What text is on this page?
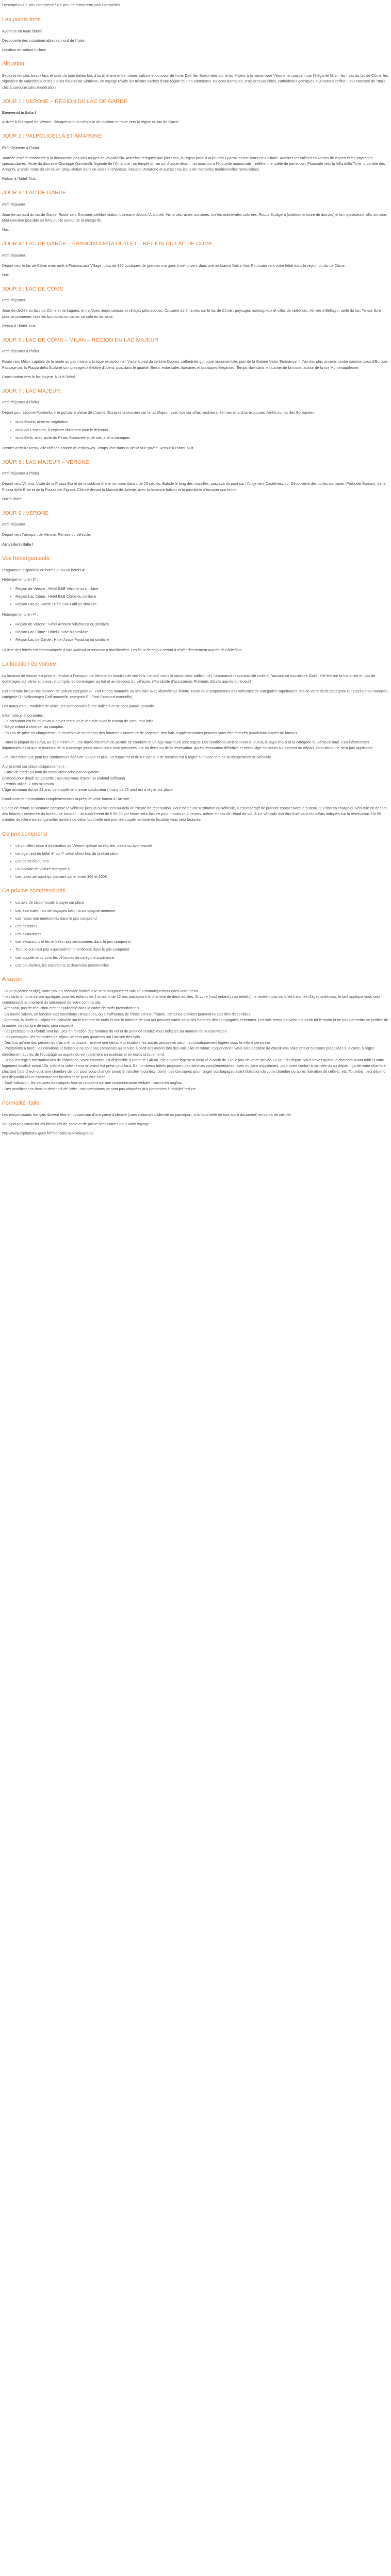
Description Ce prix comprend / Ce prix ne comprend pas Formalités
Les points forts

Aventure en toute liberté

Découverte des incontournables du nord de l'Italie

Location de voiture incluse

Situation

Explorez les plus beaux lacs et cités du nord italien lors d'un itinéraire entre nature, culture et douceur de vivre. Des îles Borromées sur le lac Majeur à la romantique Vérone, en passant par l'élégante Milan, les rives du lac de Côme, les vignobles de Valpolicella et les ruelles fleuries de Sirmione, ce voyage révèle les trésors cachés d'une région tout en contrastes. Palaces baroques, croisières paisibles, cathédrales gothiques et Amarone raffiné : un concentré de l'Italie chic à savourer sans modération.

JOUR 1 : VERONE – RÉGION DU LAC DE GARDE

Bienvenid in Italia !

Arrivée à l'aéroport de Vérone. Récupération du véhicule de location et route vers la région du lac de Garde.

JOUR 2 : VALPOLICELLA ET AMARONE

Petit-déjeuner à l'hôtel.

Journée entière consacrée à la découverte des vins rouges de Valpolicella. Autrefois réléguée aux pizzerias, la région produit aujourd'hui parmi les meilleurs crus d'Italie. Admirez les vallées couvertes de vignes et les paysages spectaculaires. Visite du domaine Giuseppe Quintarelli, légende de l'Amarone : un temple du vin où chaque détail – du bouchon à l'étiquette manuscrite – reflète une quête de perfection. Poursuite vers la Villa della Torre, propriété des Allegrini, grands noms du vin italien. Dégustation dans ce cadre enchanteur, incluant l'Amarone et autres crus issus de méthodes traditionnelles renouvelées.

Retour à l'hôtel. Nuit.

JOUR 3 : LAC DE GARDE

Petit-déjeuner.

Journée au bord du lac de Garde. Route vers Sirmione, célèbre station balnéaire depuis l'Antiquité. Visite des ruines romaines, ruelles médiévales colorées, Rocca Scaligera (château entouré de douves) et la majestueuse villa romaine. Mini-croisière possible en ferry public autour de la presqu'île.

Nuit.

JOUR 4 : LAC DE GARDE – FRANCIACORTA OUTLET – RÉGION DU LAC DE CÔME

Petit-déjeuner.

Départ vers le lac de Côme avec arrêt à Franciacorta Village : plus de 190 boutiques de grandes marques à ciel ouvert, dans une ambiance Dolce Vita. Poursuite vers votre hôtel dans la région du lac de Côme.

Nuit.

JOUR 5 : LAC DE CÔME

Petit-déjeuner.

Journée dédiée au lacs de Côme et de Lugano, entre Alpes majestueuses et villages pittoresques. Croisière de 2 heures sur le lac de Côme : paysages montagneux et villas de célébrités. Arrivée à Bellagio, perle du lac. Temps libre pour se promener, faire les boutiques ou siroter un café en terrasse.

Retour à l'hôtel. Nuit.

JOUR 6 : LAC DE CÔME – MILAN – RÉGION DU LAC MAJEUR

Petit-déjeuner à l'hôtel.

Route vers Milan, capitale de la mode au patrimoine artistique exceptionnel. Visite à pied du célèbre Duomo, cathédrale gothique monumentale, puis de la Galerie Victor Emmanuel II, l'un des plus anciens centre commerciaux d'Europe. Passage par la Piazza della Scala et son prestigieux théâtre d'opéra, puis dans le quartier Brera, entre cafés littéraires et boutiques élégantes. Temps libre dans le quartier de la mode, autour de la rue Montenapoleone.

Continuation vers le lac Majeur. Nuit à l'hôtel.

JOUR 7 : LAC MAJEUR

Petit-déjeuner à l'hôtel.

Départ pour Léonne-Pombello, ville portuaire pleine de charme. Essayez la croisière sur le lac Majeur, avec vue sur villas méditerranéennes et jardins exotiques. Arrêts sur les îles Borromées :

• Isola Madre, riche en végétation
• Isola dei Pescatori, à explorer librement pour le déjeuner
• Isola Bella, avec visite du Palais Borromée et de ses jardins baroques

Dernier arrêt à Stresa, ville raffinée adorée d'Hemingway. Temps libre dans la vieille ville pavée. Retour à l'hôtel. Nuit.

JOUR 8 : LAC MAJEUR – VÉRONE

Petit-déjeuner à l'hôtel.

Départ vers Verona. Visite de la Piazza Bra et de la sublime Arène romaine, datant de 20 siècles. Balade le long des murailles, passage du pont sur l'Adige vers Castelvecchio. Découverte des portes romaines (Porta dei Borsari), de la Piazza delle Erbe et de la Piazza dei Signori. Clôture devant la Maison de Juliette, avec la fameuse balcon et la possibilité d'envoyer une lettre.

Nuit à l'hôtel.

JOUR 9 : VÉRONE

Petit-déjeuner.

Départ vers l'aéroport de Vérone. Remise du véhicule.

Arrivederci Italia !

Vos hébergements

Programme disponible en hotels 3* ou en hôtels 4* :

Hébergements en 3* :

• Région de Vérone : Hôtel B&B Vérone ou similaire
• Région Lac Côme : Hôtel B&B Côme ou similaire
• Région Lac de Garde : Hôtel B&B Alfi ou similaire

Hébergements en 4* :

• Région de Vérone : Hôtel Ambere Villafranca ou similaire
• Région Lac Côme : Hôtel Cruise ou similaire
• Région Lac de Garde : Hôtel Active Paradiso ou similaire

La liste des hôtels est communiquée à titre indicatif et soumise à modification. Les lieux de séjour seront à régler directement auprès des hôteliers.

La location de voiture

La location de voiture est prise et rendue à l'aéroport de Vérone en fonction de vos vols. Le tarif inclus le conducteur additionnel, l'assurance responsabilité civile et l'assurance couverture Gold : elle élimine la franchise en cas de dommages sur vitres et pneus, y compris les dommages au toit et au-dessous du véhicule. (Possibilité d'assurances Platinum, détails auprès du loueur)

Cet itinéraire inclus une location de voiture catégorie B : Fiat Panda manuelle ou similaire avec kilométrage illimité. Nous vous proposerons des véhicules de catégories supérieures lors de votre devis (catégorie C : Opel Corsa manuelle, catégorie D : Volkswagen Golf manuelle, catégorie E : Ford Ecosport manuelle).

Les marques ou modèles de véhicules sont donnés à titre indicatif et ne sont jamais garantis.

Informations importantes :
- Le carburant est fourni et vous devez restituer le véhicule avec le niveau de carburant initial.
- Siège enfant à réserver au comptoir.
- En cas de prise en charge/restitue du véhicule en dehors des horaires d'ouverture de l'agence, des frais supplémentaires peuvent vous être facturés (conditions auprès du loueur).

- Dans la plupart des pays, un âge minimum, une durée minimum de permis de conduire et un âge maximum sont requis. Les conditions varient selon le loueur, le pays choisi et la catégorie du véhicule loué. Ces informations importantes ainsi que le montant de la surcharge jeune conducteur sont précisées lors du devis ou de la réservation. Après réservation définitive et selon l'âge minimum au moment du départ, l'annulation ne sera pas applicable.

- Veuillez noter que pour les conducteurs âgés de 76 ans et plus, un supplément de 6 € par jour de location est à régler sur place lors de la récupération du véhicule.

À présenter sur place obligatoirement :
- Carte de crédit au nom du conducteur principal obligatoire
(plafond pour dépôt de garantie : assurez-vous d'avoir un plafond suffisant)
- Permis valide, 2 ans minimum
L'âge minimum est de 21 ans. Le supplément jeune conducteur (moins de 25 ans) est à régler sur place.

Conditions et informations complémentaires auprès de votre loueur à l'arrivée.

En cas de retard, le locataire conserve le véhicule jusqu'à 59 minutes au-delà de l'heure de réservation. Pour éviter une restitution du véhicule, il est impératif de prendre contact avec le bureau. 2. Prise en charge du véhicule en dehors des heures d'ouverture du bureau de location : un supplément de € 50,00 par heure sera facturé pour maximum 2 heures, même en cas de retard de vol. 3. Le véhicule doit être livré dans les délais indiqués sur la réservation. Un 59 minutes de tolérance est garantie, au-delà de cette fourchette une journée supplémentaire de location vous sera facturée.

Ce prix comprend
• Le vol aller/retour à destination de Vérone spécial ou régulier, direct ou avec escale
• Le logement en hôtel 3* ou 4* selon choix lors de la réservation
• Les petits déjeuners
• La location de voiture catégorie B
• Les taxes aéroport qui peuvent varier entre 30€ et 200€
Ce prix ne comprend pas
• La taxe de séjour locale à payer sur place
• Les éventuels frais de bagages selon la compagnie aérienne
• Les repas non mentionnés dans le prix comprend
• Les boissons
• Les assurances
• Les excursions et les entrées non mentionnées dans le prix comprend
• Tout ce qui n'est pas expressément mentionné dans le prix comprend
• Les suppléments pour les véhicules de catégorie supérieure
• Les pourboires, les excursions et dépenses personnelles
A savoir

- Si vous partez seul(e), votre prix en chambre individuelle sera obligatoire et calculé automatiquement dans votre devis.
- Les tarifs enfants seront appliqués pour les enfants de 2 à moins de 12 ans partageant la chambre de deux adultes. Si votre (vos) enfant(s) ou bébé(s) ne rentrent pas dans les tranches d'âges ci-dessus, le tarif appliqué vous sera communiqué au moment du lancement de votre commande.
- Attention, pas de réduction enfant applicable dans le cadre de tarifs promotionnels.
- En bonne saison, en fonction des conditions climatiques, ou si l'affluence de l'hôtel est insuffisante, certaines activités peuvent ne pas être disponibles.
- Attention, la durée du séjour est calculée sur le nombre de nuits et non le nombre de jour qui peuvent varier selon les horaires des compagnies aériennes. Les vols retour peuvent intervenir tôt le matin et ne pas permettre de profiter de la nuitée. Le nombre de nuits sera respecté.
- Les prestations du forfait sont incluses en fonction des horaires du vol et du point de rendez-vous indiqués au moment de la réservation.
- Les passagers, les formalités de séjour ne sont pas garanties sur l'arrivée des vols.
- Des lors qu'une des personnes d'un même dossier réserve une certaine prestation, les autres personnes seront automatiquement logées sous la même personne.
- Prestations à bord : les collations et boissons ne sont pas comprises au service à bord des avions lors des vols aller et retour ; Cependant il vous sera possible de choisir vos collations et boissons proposées à la carte, à régler directement auprès de l'équipage ou auprès du vol (paiement en espèces et en euros uniquement).
- Selon les règles internationales de l'hôtellerie, votre chambre est disponible à partir de 14h ou 19h et votre logement localisé à partir de 17h le jour de votre arrivée. Le jour du départ, vous devez quitter la chambre avant midi et votre logement localisé avant 10h, même si votre retour en avion est prévu plus tard. De nombreux hôtels proposent des services complémentaires, avec ou sans supplément, pour votre confort à l'arrivée ou au départ : garde votre chambre plus tard (late check-out), une chambre de jour pour vous changer avant le transfert (courtesy room). Les consignes pour ranger vos bagages avant libération de votre chambre ou après libération de celle-ci, etc. Toutefois, ceci dépend des disponibilités et circonstances locales et ne peut être exigé.
- Sauf indication, les services touristiques fournis reposent sur une communication verbale ; seront en anglais.
- Des modifications dans le descriptif de l'offre, nos prestations ne sont pas adaptées aux personnes à mobilité réduite.

Formalité Italie

Les ressortissants français doivent être en possession d'une pièce d'identité (carte nationale d'identité ou passeport, à la fourchette de tout autre document) en cours de validité.

Vous pouvez consulter les formalités de santé et de police nécessaires pour votre voyage :

http://www.diplomatie.gouv.fr/fr/conseils-aux-voyageurs/
